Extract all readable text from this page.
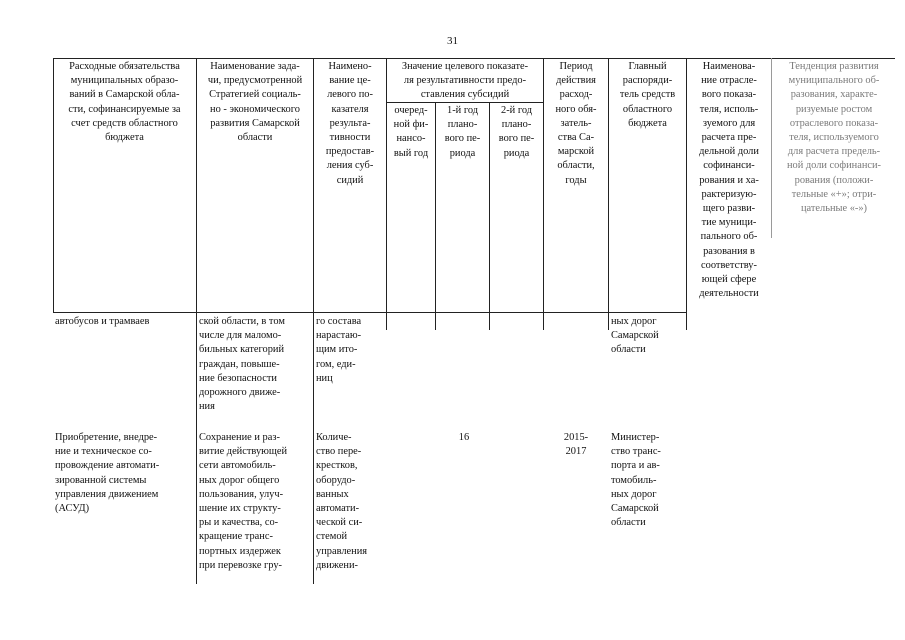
31
Расходные обязательства
муниципальных образо-
ваний в Самарской обла-
сти, софинансируемые за
счет средств областного
бюджета
Наименование зада-
чи, предусмотренной
Стратегией социаль-
но - экономического
развития Самарской
области
Наимено-
вание це-
левого по-
казателя
результа-
тивности
предостав-
ления суб-
сидий
Значение целевого показате-
ля результативности предо-
ставления субсидий
очеред-
ной фи-
нансо-
вый год
1-й год
плано-
вого пе-
риода
2-й год
плано-
вого пе-
риода
Период
действия
расход-
ного обя-
затель-
ства Са-
марской
области,
годы
Главный
распоряди-
тель средств
областного
бюджета
Наименова-
ние отрасле-
вого показа-
теля, исполь-
зуемого для
расчета пре-
дельной доли
софинанси-
рования и ха-
рактеризую-
щего разви-
тие муници-
пального об-
разования в
соответству-
ющей сфере
деятельности
Тенденция развития
муниципального об-
разования, характе-
ризуемые ростом
отраслевого показа-
теля, используемого
для расчета предель-
ной доли софинанси-
рования (положи-
тельные «+»; отри-
цательные «-»)
автобусов и трамваев	ской области, в том
числе для маломо-
бильных категорий
граждан, повыше-
ние безопасности
дорожного движе-
ния
го состава
нарастаю-
щим ито-
гом, еди-
ниц
ных дорог
Самарской
области
Приобретение, внедре-
ние и техническое со-
провождение автомати-
зированной системы
управления движением
(АСУД)
Сохранение и раз-
витие действующей
сети автомобиль-
ных дорог общего
пользования, улуч-
шение их структу-
ры и качества, со-
кращение транс-
портных издержек
при перевозке гру-
Количе-
ство пере-
крестков,
оборудо-
ванных
автомати-
ческой си-
стемой
управления
движени-
16	2015-
2017
Министер-
ство транс-
порта и ав-
томобиль-
ных дорог
Самарской
области
